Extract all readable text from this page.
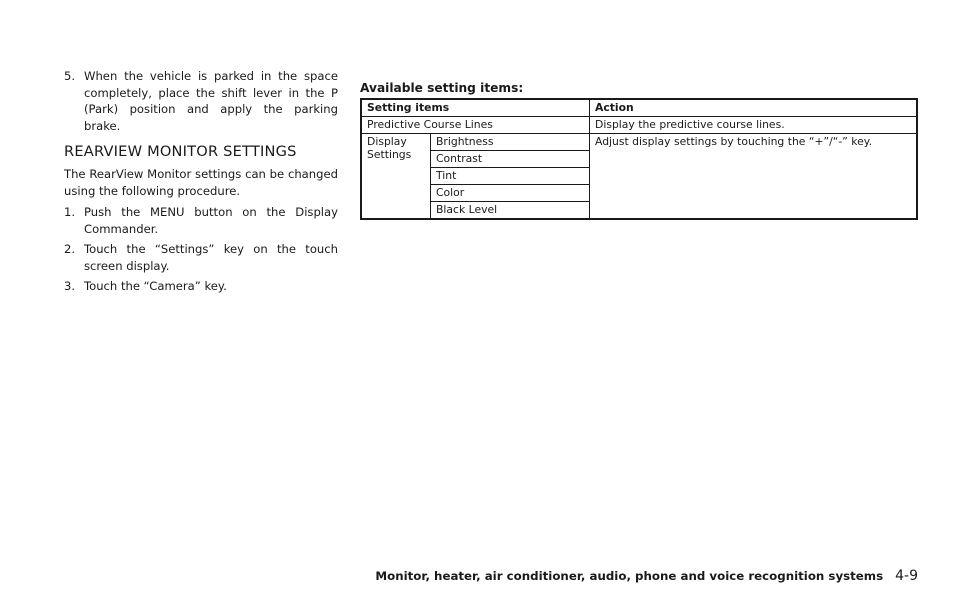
5. When the vehicle is parked in the space completely, place the shift lever in the P (Park) position and apply the parking brake.
REARVIEW MONITOR SETTINGS

The RearView Monitor settings can be changed using the following procedure.

1. Push the MENU button on the Display Commander.
2. Touch the “Settings” key on the touch screen display.
3. Touch the “Camera” key.
Available setting items:
Setting items		Action
Predictive Course Lines		Display the predictive course lines.
Display Settings	Brightness	Adjust display settings by touching the “+”/“-” key.
	Contrast	
	Tint	
	Color	
	Black Level	
Monitor, heater, air conditioner, audio, phone and voice recognition systems 4-9
